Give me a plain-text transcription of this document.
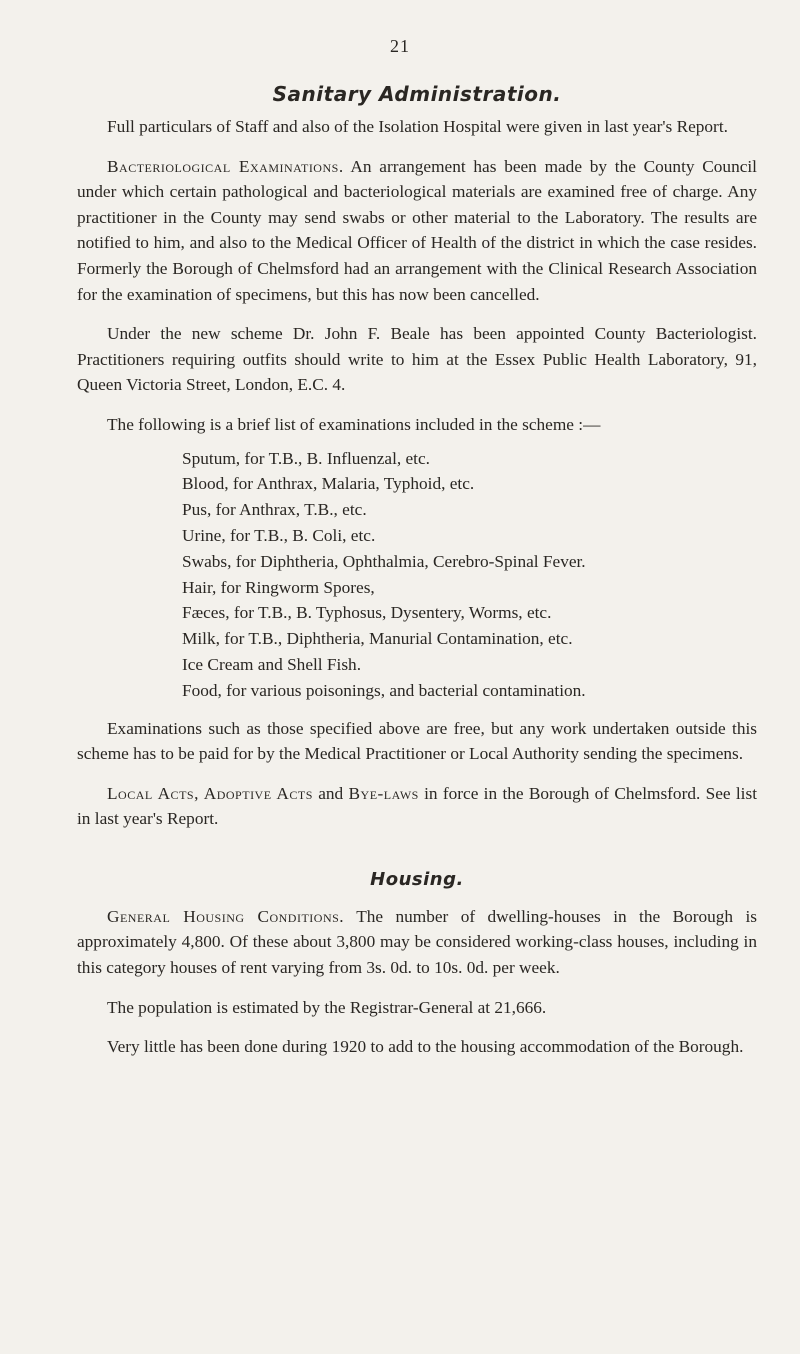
21
Sanitary Administration.

Full particulars of Staff and also of the Isolation Hospital were given in last year's Report.

Bacteriological Examinations. An arrangement has been made by the County Council under which certain pathological and bacteriological materials are examined free of charge. Any practitioner in the County may send swabs or other material to the Laboratory. The results are notified to him, and also to the Medical Officer of Health of the district in which the case resides. Formerly the Borough of Chelmsford had an arrangement with the Clinical Research Association for the examination of specimens, but this has now been cancelled.

Under the new scheme Dr. John F. Beale has been appointed County Bacteriologist. Practitioners requiring outfits should write to him at the Essex Public Health Laboratory, 91, Queen Victoria Street, London, E.C. 4.

The following is a brief list of examinations included in the scheme :—

Sputum, for T.B., B. Influenzal, etc.
Blood, for Anthrax, Malaria, Typhoid, etc.
Pus, for Anthrax, T.B., etc.
Urine, for T.B., B. Coli, etc.
Swabs, for Diphtheria, Ophthalmia, Cerebro-Spinal Fever.
Hair, for Ringworm Spores,
Fæces, for T.B., B. Typhosus, Dysentery, Worms, etc.
Milk, for T.B., Diphtheria, Manurial Contamination, etc.
Ice Cream and Shell Fish.
Food, for various poisonings, and bacterial contamination.

Examinations such as those specified above are free, but any work undertaken outside this scheme has to be paid for by the Medical Practitioner or Local Authority sending the specimens.

Local Acts, Adoptive Acts and Bye-laws in force in the Borough of Chelmsford. See list in last year's Report.

Housing.

General Housing Conditions. The number of dwelling-houses in the Borough is approximately 4,800. Of these about 3,800 may be considered working-class houses, including in this category houses of rent varying from 3s. 0d. to 10s. 0d. per week.

The population is estimated by the Registrar-General at 21,666.

Very little has been done during 1920 to add to the housing accommodation of the Borough.
